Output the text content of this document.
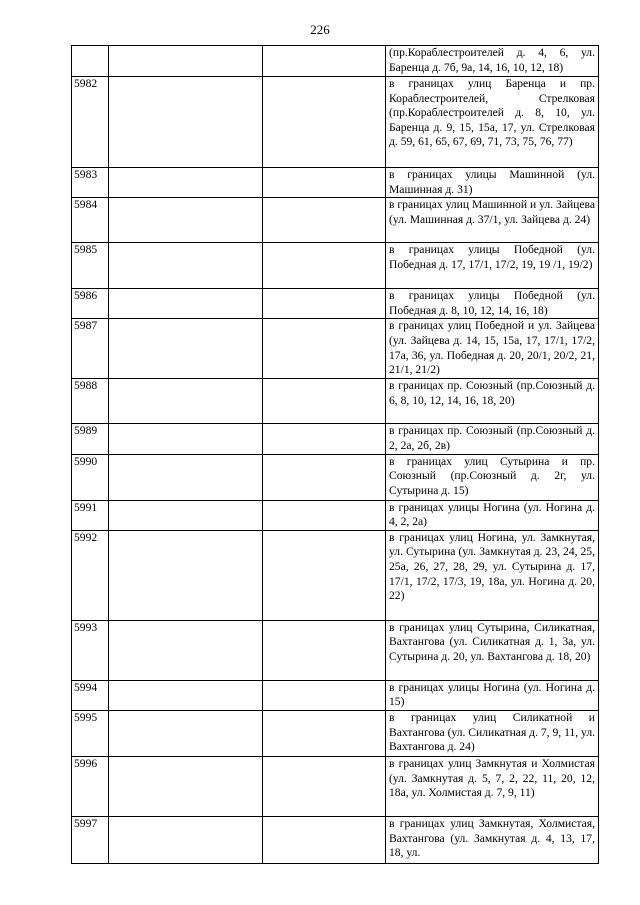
226

			(пр.Кораблестроителей д. 4, 6, ул. Баренца д. 7б, 9а, 14, 16, 10, 12, 18)

5982			в границах улиц Баренца и пр. Кораблестроителей, Стрелковая (пр.Кораблестроителей д. 8, 10, ул. Баренца д. 9, 15, 15а, 17, ул. Стрелковая д. 59, 61, 65, 67, 69, 71, 73, 75, 76, 77)

5983			в границах улицы Машинной (ул. Машинная д. 31)

5984			в границах улиц Машинной и ул. Зайцева (ул. Машинная д. 37/1, ул. Зайцева д. 24)

5985			в границах улицы Победной (ул. Победная д. 17, 17/1, 17/2, 19, 19 /1, 19/2)

5986			в границах улицы Победной (ул. Победная д. 8, 10, 12, 14, 16, 18)

5987			в границах улиц Победной и ул. Зайцева (ул. Зайцева д. 14, 15, 15а, 17, 17/1, 17/2, 17а, 36, ул. Победная д. 20, 20/1, 20/2, 21, 21/1, 21/2)

5988			в границах пр. Союзный (пр.Союзный д. 6, 8, 10, 12, 14, 16, 18, 20)

5989			в границах пр. Союзный (пр.Союзный д. 2, 2а, 2б, 2в)

5990			в границах улиц Сутырина и пр. Союзный (пр.Союзный д. 2г, ул. Сутырина д. 15)

5991			в границах улицы Ногина (ул. Ногина д. 4, 2, 2а)

5992			в границах улиц Ногина, ул. Замкнутая, ул. Сутырина (ул. Замкнутая д. 23, 24, 25, 25а, 26, 27, 28, 29, ул. Сутырина д. 17, 17/1, 17/2, 17/3, 19, 18а, ул. Ногина д. 20, 22)

5993			в границах улиц Сутырина, Силикатная, Вахтангова (ул. Силикатная д. 1, 3а, ул. Сутырина д. 20, ул. Вахтангова д. 18, 20)

5994			в границах улицы Ногина (ул. Ногина д. 15)

5995			в границах улиц Силикатной и Вахтангова (ул. Силикатная д. 7, 9, 11, ул. Вахтангова д. 24)

5996			в границах улиц Замкнутая и Холмистая (ул. Замкнутая д. 5, 7, 2, 22, 11, 20, 12, 18а, ул. Холмистая д. 7, 9, 11)

5997			в границах улиц Замкнутая, Холмистая, Вахтангова (ул. Замкнутая д. 4, 13, 17, 18, ул.
